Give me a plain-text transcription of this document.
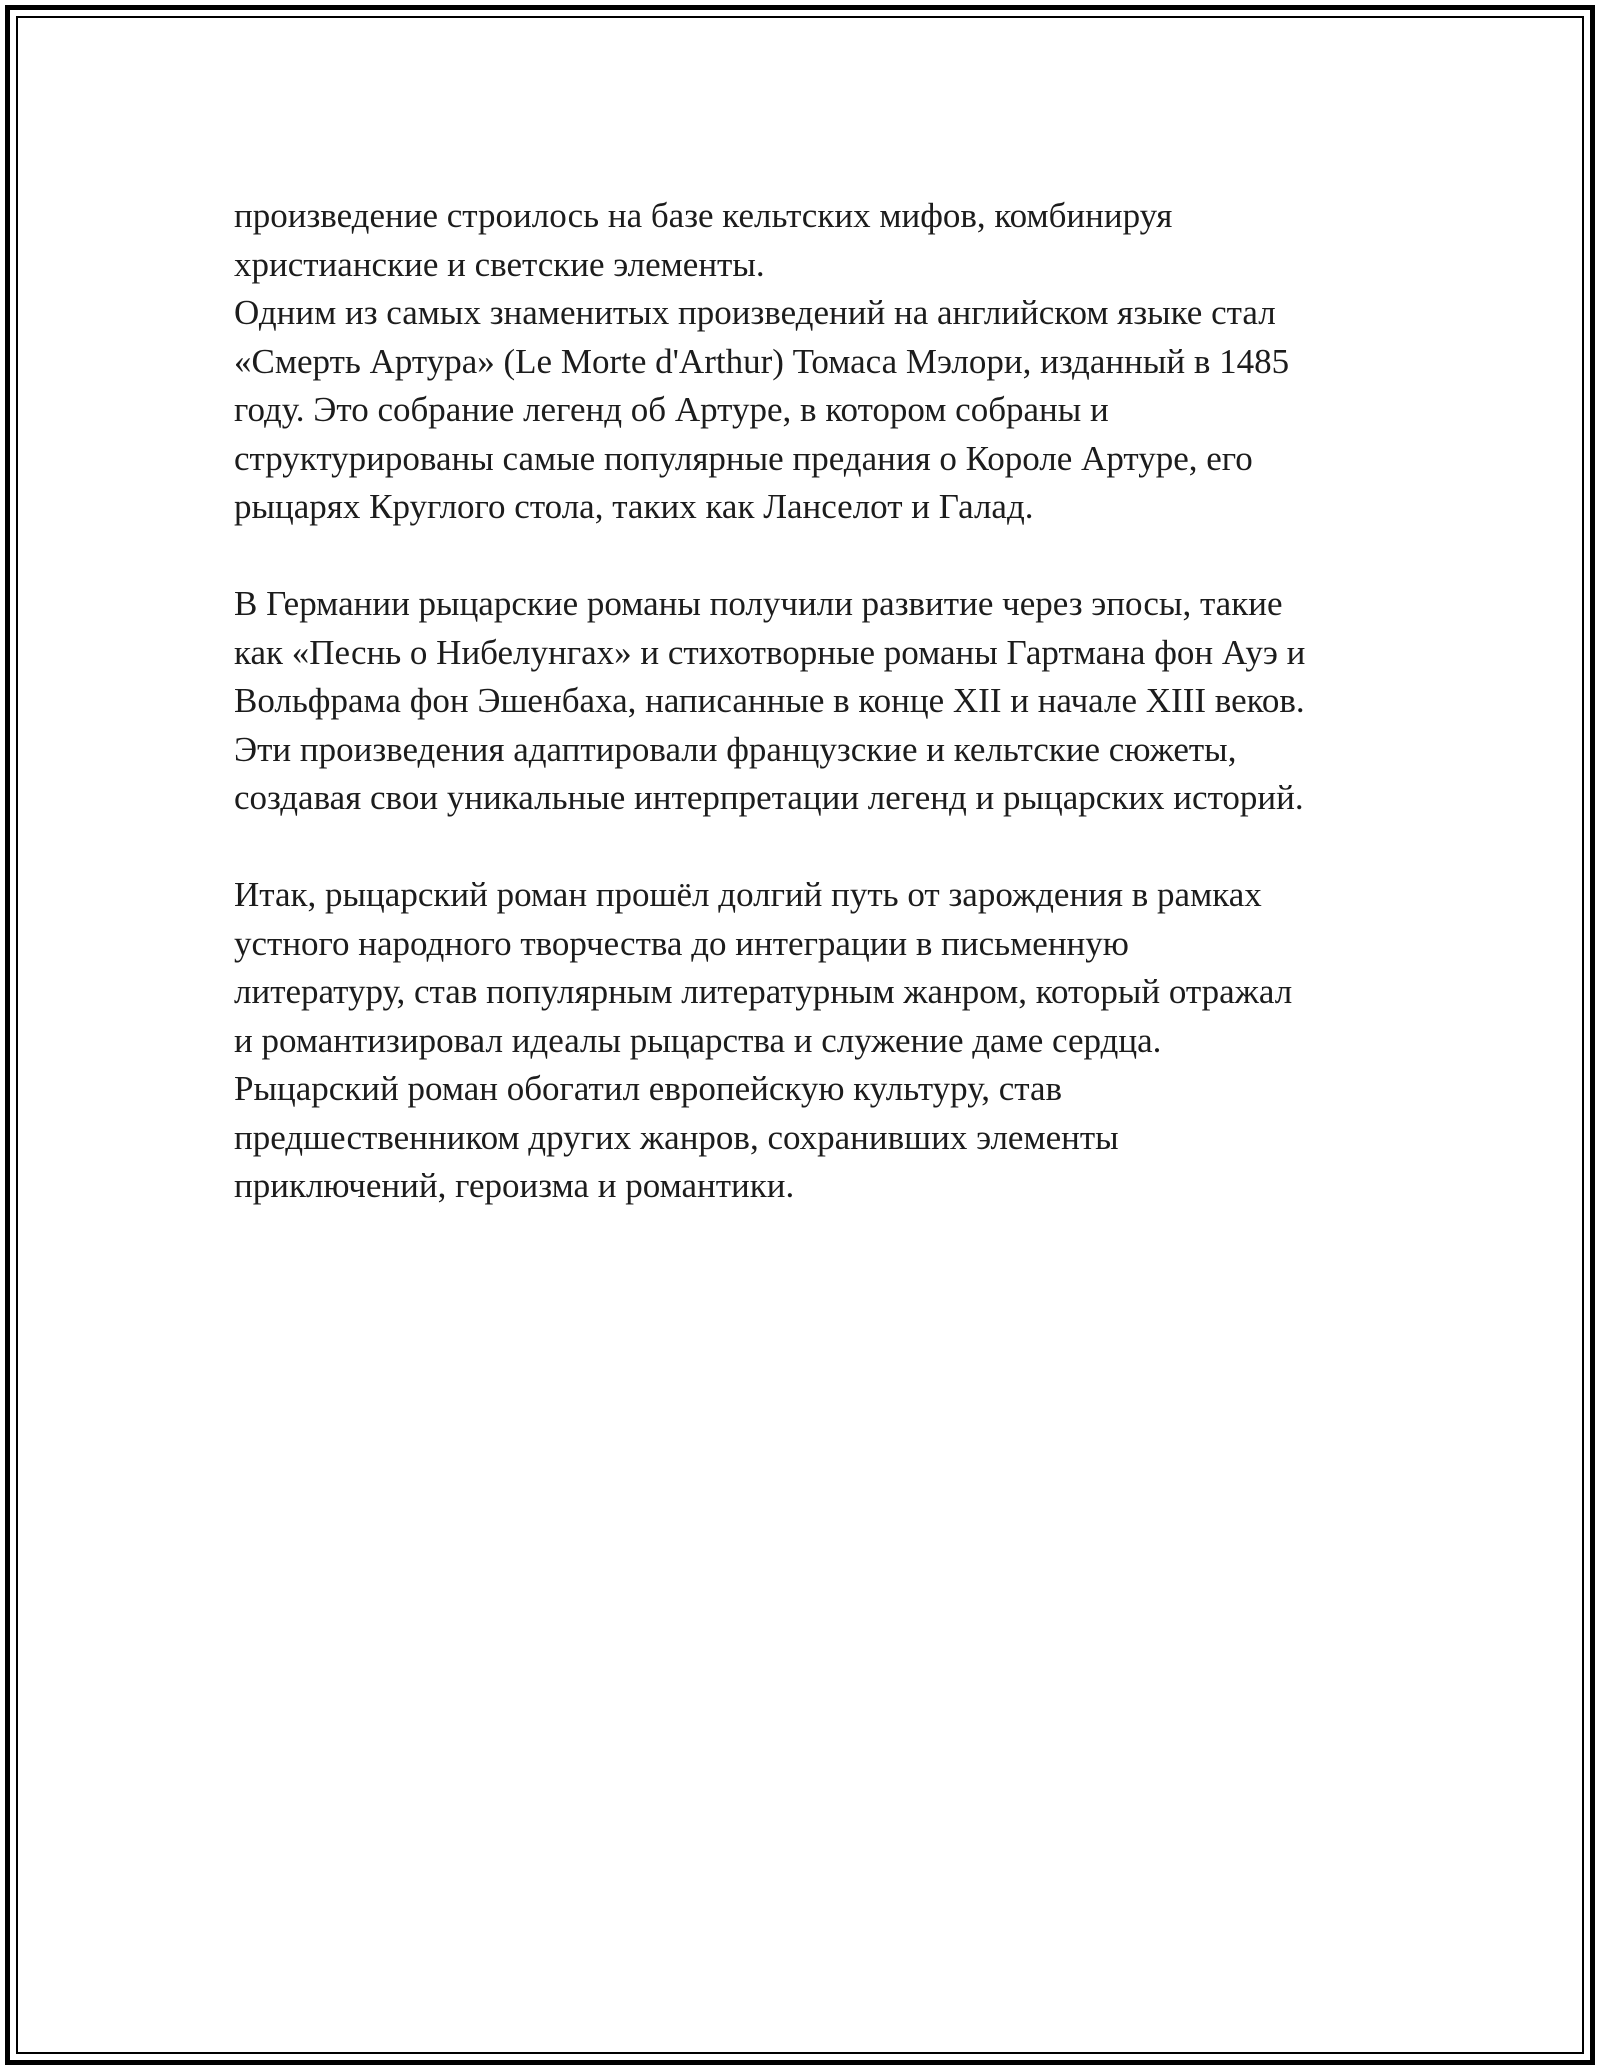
произведение строилось на базе кельтских мифов, комбинируя
христианские и светские элементы.
Одним из самых знаменитых произведений на английском языке стал
«Смерть Артура» (Le Morte d'Arthur) Томаса Мэлори, изданный в 1485
году. Это собрание легенд об Артуре, в котором собраны и
структурированы самые популярные предания о Короле Артуре, его
рыцарях Круглого стола, таких как Ланселот и Галад.
В Германии рыцарские романы получили развитие через эпосы, такие
как «Песнь о Нибелунгах» и стихотворные романы Гартмана фон Ауэ и
Вольфрама фон Эшенбаха, написанные в конце XII и начале XIII веков.
Эти произведения адаптировали французские и кельтские сюжеты,
создавая свои уникальные интерпретации легенд и рыцарских историй.
Итак, рыцарский роман прошёл долгий путь от зарождения в рамках
устного народного творчества до интеграции в письменную
литературу, став популярным литературным жанром, который отражал
и романтизировал идеалы рыцарства и служение даме сердца.
Рыцарский роман обогатил европейскую культуру, став
предшественником других жанров, сохранивших элементы
приключений, героизма и романтики.
